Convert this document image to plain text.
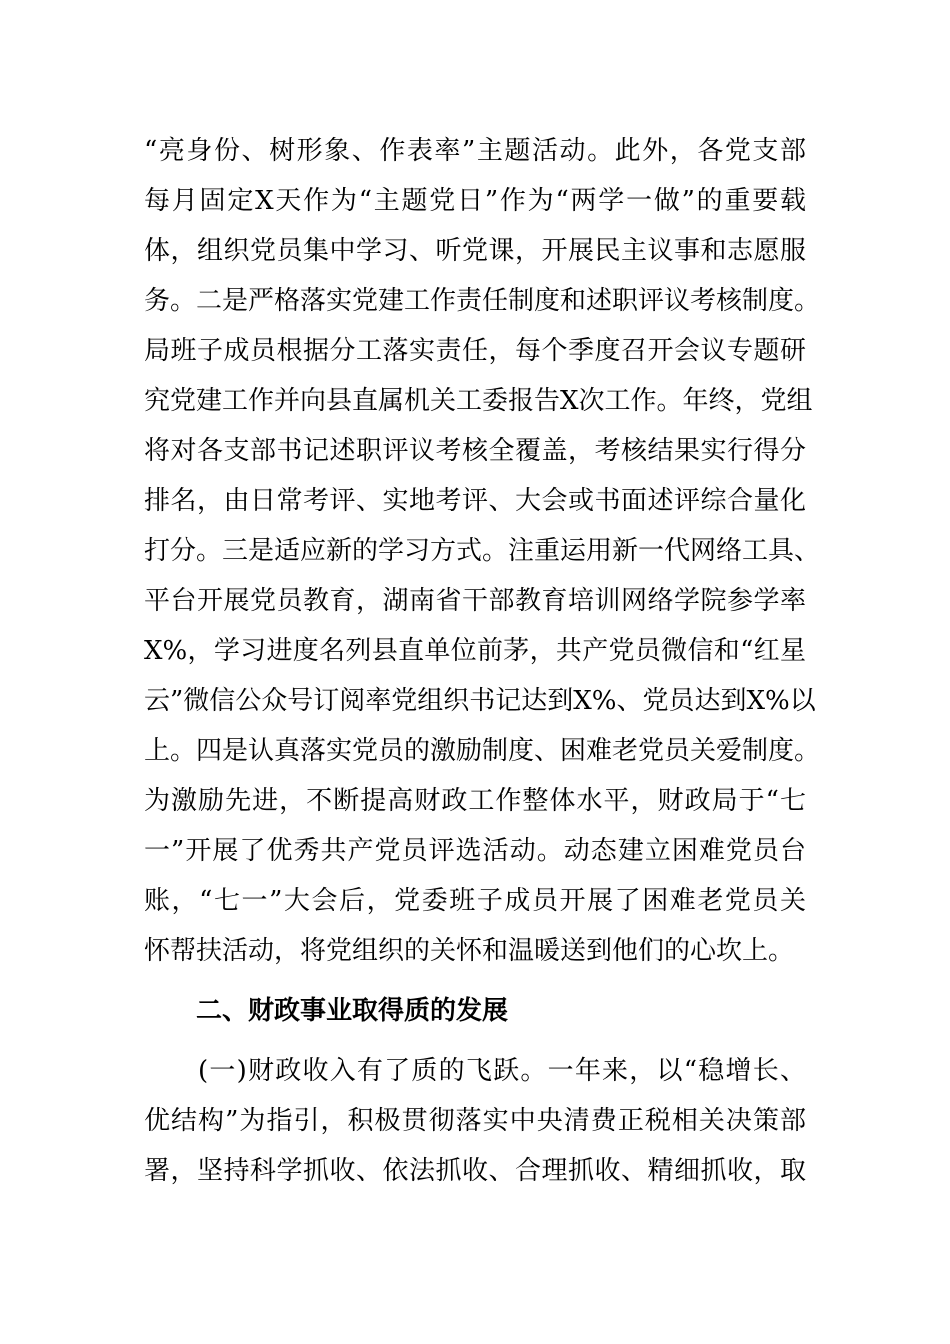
“亮身份、树形象、作表率”主题活动。此外，各党支部
每月固定X天作为“主题党日”作为“两学一做”的重要载
体，组织党员集中学习、听党课，开展民主议事和志愿服
务。二是严格落实党建工作责任制度和述职评议考核制度。
局班子成员根据分工落实责任，每个季度召开会议专题研
究党建工作并向县直属机关工委报告X次工作。年终，党组
将对各支部书记述职评议考核全覆盖，考核结果实行得分
排名，由日常考评、实地考评、大会或书面述评综合量化
打分。三是适应新的学习方式。注重运用新一代网络工具、
平台开展党员教育，湖南省干部教育培训网络学院参学率
X%，学习进度名列县直单位前茅，共产党员微信和“红星
云”微信公众号订阅率党组织书记达到X%、党员达到X%以
上。四是认真落实党员的激励制度、困难老党员关爱制度。
为激励先进，不断提高财政工作整体水平，财政局于“七
一”开展了优秀共产党员评选活动。动态建立困难党员台
账，“七一”大会后，党委班子成员开展了困难老党员关
怀帮扶活动，将党组织的关怀和温暖送到他们的心坎上。
二、财政事业取得质的发展
(一)财政收入有了质的飞跃。一年来，以“稳增长、
优结构”为指引，积极贯彻落实中央清费正税相关决策部
署，坚持科学抓收、依法抓收、合理抓收、精细抓收，取
